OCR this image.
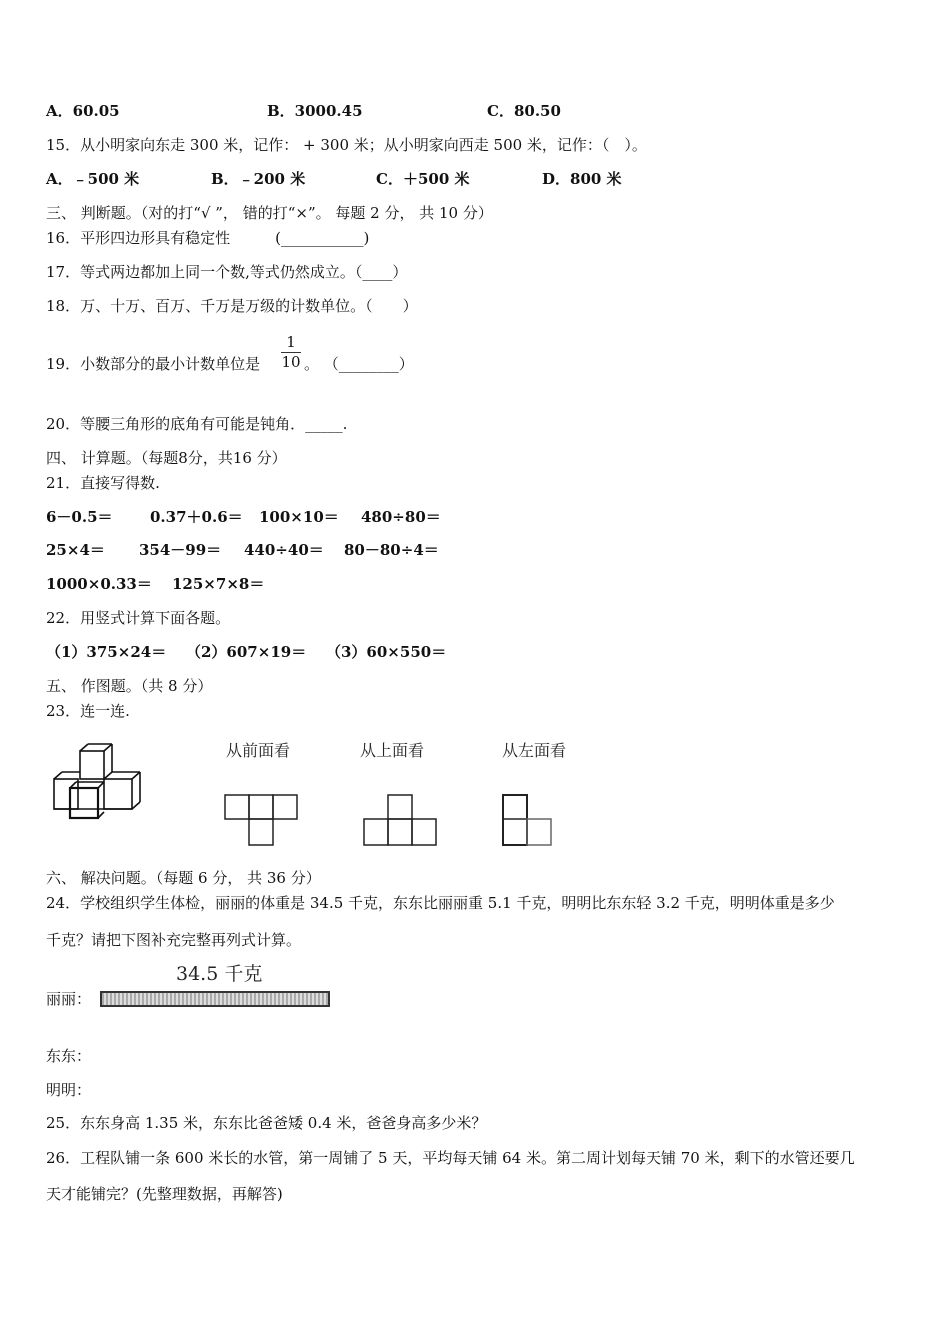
A．60.05	B．3000.45	C．80.50
15．从小明家向东走 300 米，记作： + 300 米；从小明家向西走 500 米，记作：（　）。
A．﹣500 米	B．﹣200 米	C．＋500 米	D．800 米
三、 判断题。（对的打“√ ”， 错的打“×”。 每题 2 分， 共 10 分）
16．平形四边形具有稳定性　　　(___________)
17．等式两边都加上同一个数,等式仍然成立。（____）
18．万、十万、百万、千万是万级的计数单位。（　　）
19．小数部分的最小计数单位是
1
10 。 （________）
20．等腰三角形的底角有可能是钝角．_____.
四、 计算题。（每题8分，共16 分）
21．直接写得数.
6－0.5＝ 0.37＋0.6＝ 100×10＝ 480÷80＝
25×4＝ 354－99＝ 440÷40＝ 80－80÷4＝
1000×0.33＝ 125×7×8＝
22．用竖式计算下面各题。
（1）375×24＝ （2）607×19＝ （3）60×550＝
五、 作图题。（共 8 分）
23．连一连.
从前面看	从上面看	从左面看
六、 解决问题。（每题 6 分， 共 36 分）
24．学校组织学生体检，丽丽的体重是 34.5 千克，东东比丽丽重 5.1 千克，明明比东东轻 3.2 千克，明明体重是多少
千克？请把下图补充完整再列式计算。
34.5 千克
丽丽：
东东：
明明：
25．东东身高 1.35 米，东东比爸爸矮 0.4 米，爸爸身高多少米？
26．工程队铺一条 600 米长的水管，第一周铺了 5 天，平均每天铺 64 米。第二周计划每天铺 70 米，剩下的水管还要几
天才能铺完？(先整理数据，再解答)
